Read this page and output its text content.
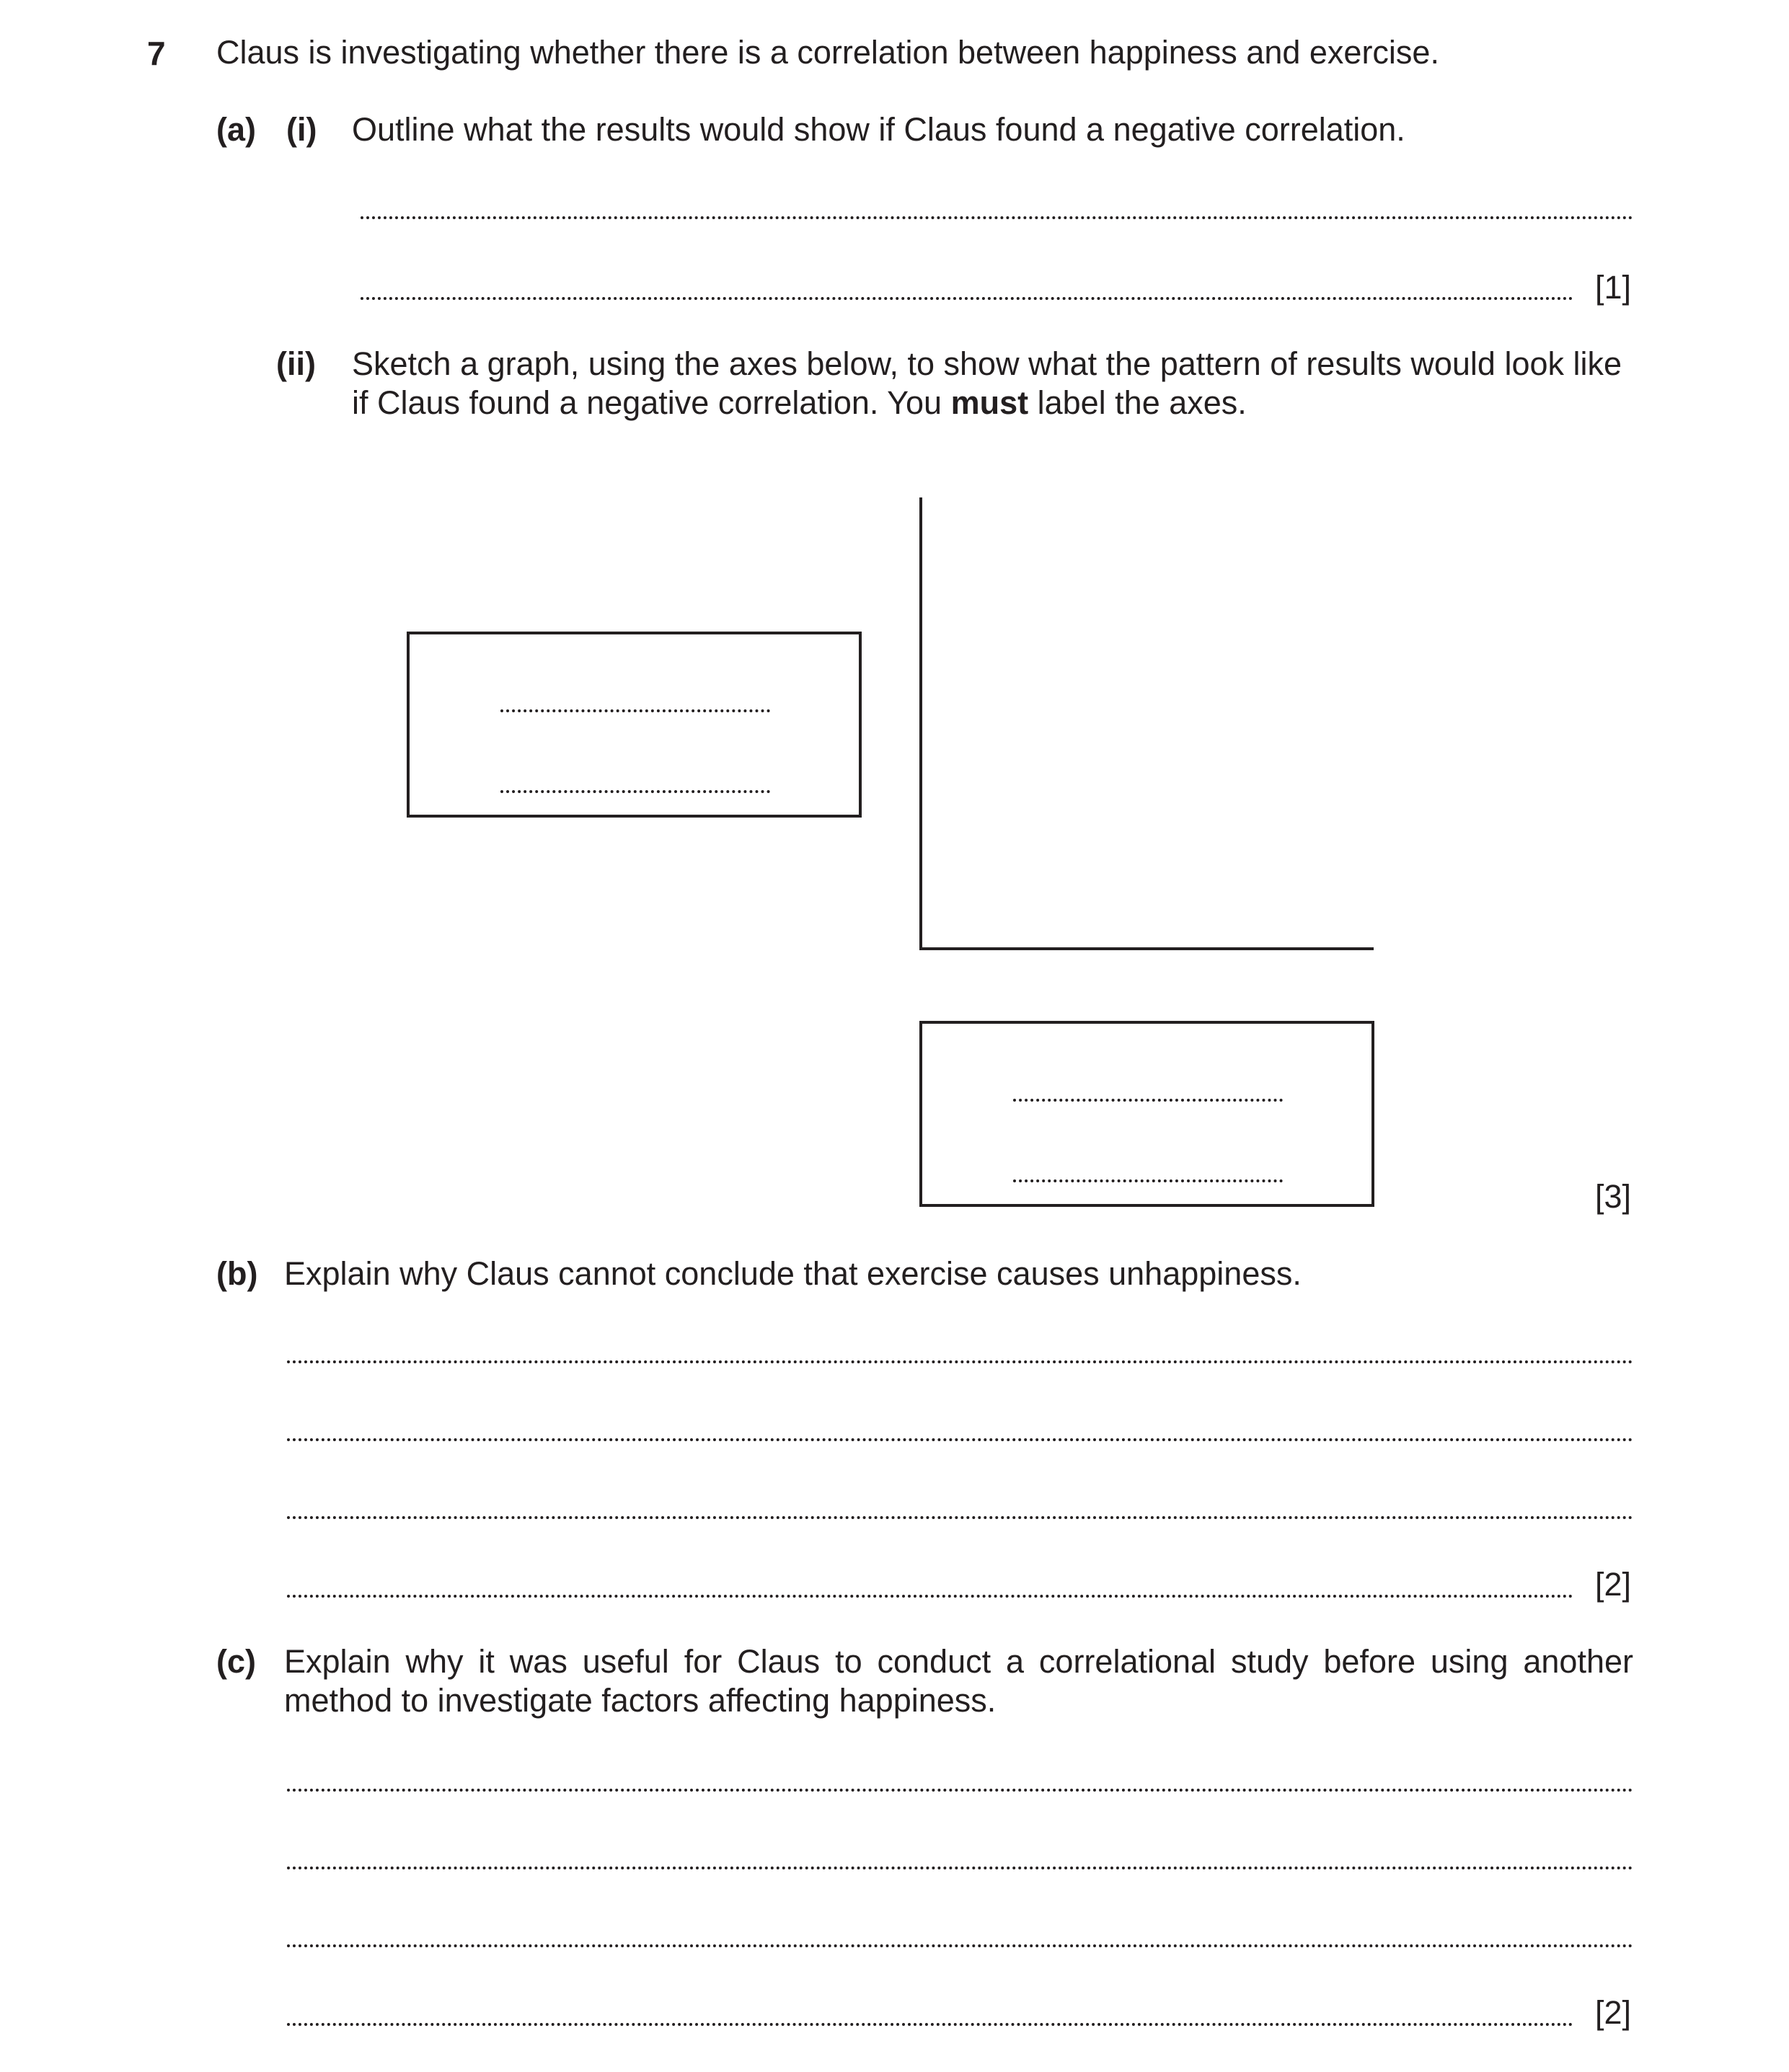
7 Claus is investigating whether there is a correlation between happiness and exercise.
(a) (i) Outline what the results would show if Claus found a negative correlation.
[1]
(ii) Sketch a graph, using the axes below, to show what the pattern of results would look like
if Claus found a negative correlation. You must label the axes.
[3]
(b) Explain why Claus cannot conclude that exercise causes unhappiness.
[2]
(c) Explain why it was useful for Claus to conduct a correlational study before using another
method to investigate factors affecting happiness.
[2]
